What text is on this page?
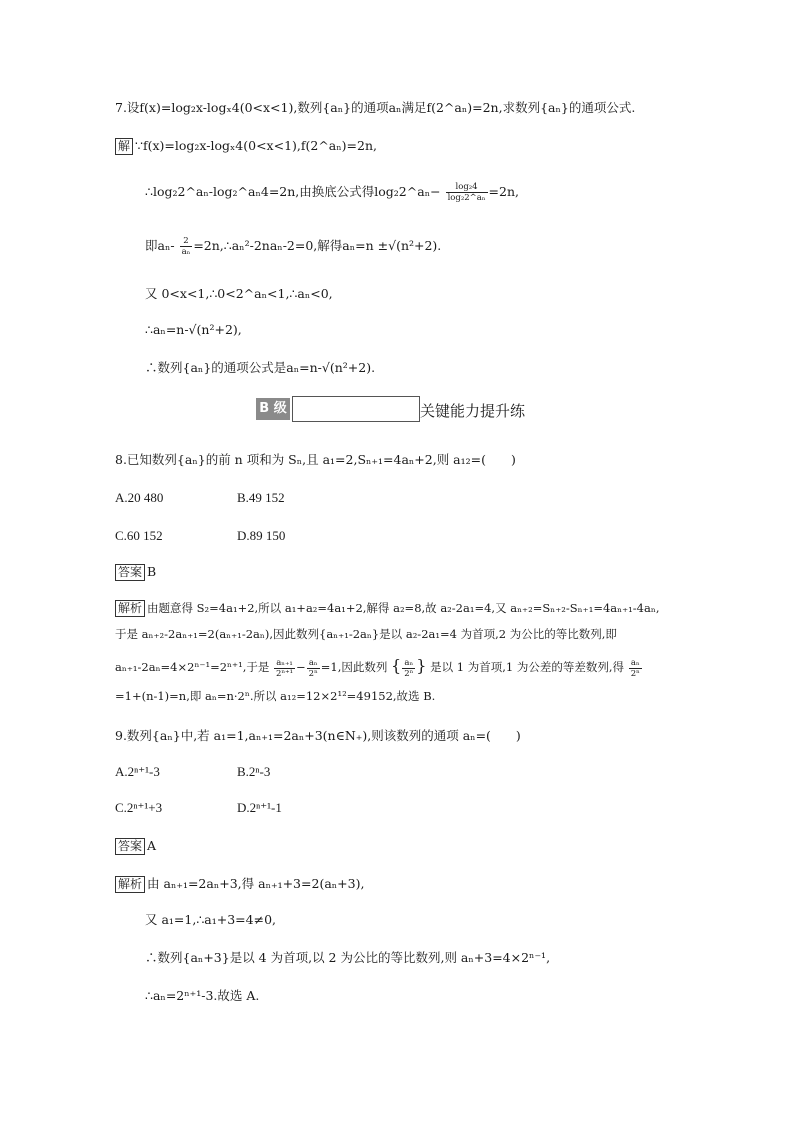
7.设f(x)=log₂x-logₓ4(0<x<1),数列{aₙ}的通项aₙ满足f(2^aₙ)=2n,求数列{aₙ}的通项公式.
解 ∵f(x)=log₂x-logₓ4(0<x<1),f(2^aₙ)=2n,
∴log₂2^aₙ-log₂^aₙ4=2n,由换底公式得log₂2^aₙ− $\frac{\text{log₂4}}{\text{log₂2\textasciicircum{}aₙ}} =2n$,
即$a_n- \frac{2}{\text{aₙ}}$ =2n,∴aₙ²-2naₙ-2=0,解得aₙ=n ±√(n²+2).
又 0<x<1,∴0<2^aₙ<1,∴aₙ<0,
∴aₙ=n-√(n²+2),
∴数列{aₙ}的通项公式是aₙ=n-√(n²+2).
B 级	关键能力提升练
8.已知数列{aₙ}的前 n 项和为 Sₙ,且 a₁=2,Sₙ₊₁=4aₙ+2,则 a₁₂=(　　)
A.20 480	B.49 152
C.60 152	D.89 150
答案 B
解析 由题意得 S₂=4a₁+2,所以 a₁+a₂=4a₁+2,解得 a₂=8,故 a₂-2a₁=4,又 aₙ₊₂=Sₙ₊₂-Sₙ₊₁=4aₙ₊₁-4aₙ,
于是 aₙ₊₂-2aₙ₊₁=2(aₙ₊₁-2aₙ),因此数列{aₙ₊₁-2aₙ}是以 a₂-2a₁=4 为首项,2 为公比的等比数列,即
aₙ₊₁-2aₙ=4×2ⁿ⁻¹=2ⁿ⁺¹,于是 $\frac{\text{aₙ₊₁}}{\text{2ⁿ⁺¹}} - \frac{\text{aₙ}}{\text{2ⁿ}} =1$,因此数列 { $\frac{\text{aₙ}}{\text{2ⁿ}}$ } 是以 1 为首项,1 为公差的等差数列,得 $\frac{\text{aₙ}}{\text{2ⁿ}}$
=1+(n-1)=n,即 aₙ=n·2ⁿ.所以 a₁₂=12×2¹²=49152,故选 B.
9.数列{aₙ}中,若 a₁=1,aₙ₊₁=2aₙ+3(n∈N₊),则该数列的通项 aₙ=(　　)
A.2ⁿ⁺¹-3	B.2ⁿ-3
C.2ⁿ⁺¹+3	D.2ⁿ⁺¹-1
答案 A
解析 由 aₙ₊₁=2aₙ+3,得 aₙ₊₁+3=2(aₙ+3),
又 a₁=1,∴a₁+3=4≠0,
∴数列{aₙ+3}是以 4 为首项,以 2 为公比的等比数列,则 aₙ+3=4×2ⁿ⁻¹,
∴aₙ=2ⁿ⁺¹-3.故选 A.
